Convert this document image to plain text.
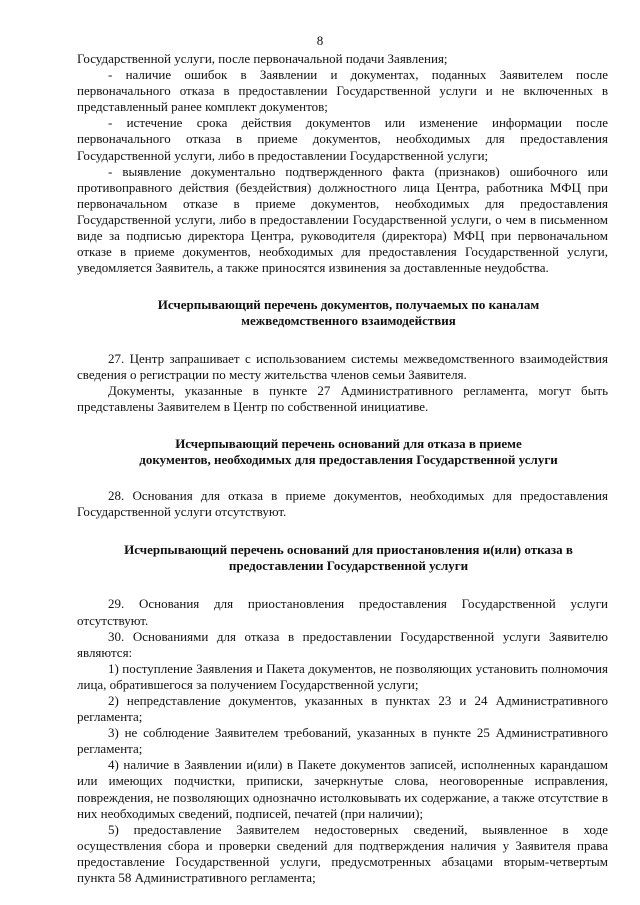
8

Государственной услуги, после первоначальной подачи Заявления;

- наличие ошибок в Заявлении и документах, поданных Заявителем после первоначального отказа в предоставлении Государственной услуги и не включенных в представленный ранее комплект документов;

- истечение срока действия документов или изменение информации после первоначального отказа в приеме документов, необходимых для предоставления Государственной услуги, либо в предоставлении Государственной услуги;

- выявление документально подтвержденного факта (признаков) ошибочного или противоправного действия (бездействия) должностного лица Центра, работника МФЦ при первоначальном отказе в приеме документов, необходимых для предоставления Государственной услуги, либо в предоставлении Государственной услуги, о чем в письменном виде за подписью директора Центра, руководителя (директора) МФЦ при первоначальном отказе в приеме документов, необходимых для предоставления Государственной услуги, уведомляется Заявитель, а также приносятся извинения за доставленные неудобства.

Исчерпывающий перечень документов, получаемых по каналам
межведомственного взаимодействия

27. Центр запрашивает с использованием системы межведомственного взаимодействия сведения о регистрации по месту жительства членов семьи Заявителя.

Документы, указанные в пункте 27 Административного регламента, могут быть представлены Заявителем в Центр по собственной инициативе.

Исчерпывающий перечень оснований для отказа в приеме
документов, необходимых для предоставления Государственной услуги

28. Основания для отказа в приеме документов, необходимых для предоставления Государственной услуги отсутствуют.

Исчерпывающий перечень оснований для приостановления и(или) отказа в
предоставлении Государственной услуги

29. Основания для приостановления предоставления Государственной услуги отсутствуют.

30. Основаниями для отказа в предоставлении Государственной услуги Заявителю являются:

1) поступление Заявления и Пакета документов, не позволяющих установить полномочия лица, обратившегося за получением Государственной услуги;

2) непредставление документов, указанных в пунктах 23 и 24 Административного регламента;

3) не соблюдение Заявителем требований, указанных в пункте 25 Административного регламента;

4) наличие в Заявлении и(или) в Пакете документов записей, исполненных карандашом или имеющих подчистки, приписки, зачеркнутые слова, неоговоренные исправления, повреждения, не позволяющих однозначно истолковывать их содержание, а также отсутствие в них необходимых сведений, подписей, печатей (при наличии);

5) предоставление Заявителем недостоверных сведений, выявленное в ходе осуществления сбора и проверки сведений для подтверждения наличия у Заявителя права предоставление Государственной услуги, предусмотренных абзацами вторым-четвертым пункта 58 Административного регламента;
